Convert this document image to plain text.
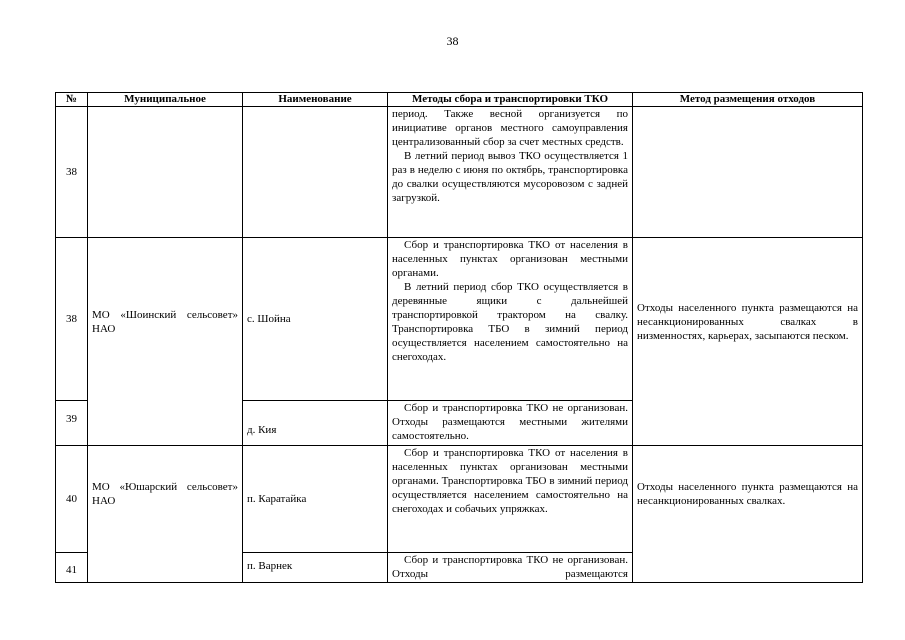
38
№	Муниципальное	Наименование	Методы сбора и транспортировки ТКО	Метод размещения отходов
38			период. Также весной организуется по инициативе органов местного самоуправления централизованный сбор за счет местных средств.

В летний период вывоз ТКО осуществляется 1 раз в неделю с июня по октябрь, транспортировка до свалки осуществляются мусоровозом с задней загрузкой.	

38	МО «Шоинский сельсовет» НАО	с. Шойна	Сбор и транспортировка ТКО от населения в населенных пунктах организован местными органами.

В летний период сбор ТКО осуществляется в деревянные ящики с дальнейшей транспортировкой трактором на свалку. Транспортировка ТБО в зимний период осуществляется населением самостоятельно на снегоходах.	Отходы населенного пункта размещаются на несанкционированных свалках в низменностях, карьерах, засыпаются песком.
39		д. Кия	Сбор и транспортировка ТКО не организован. Отходы размещаются местными жителями самостоятельно.	

40	МО «Юшарский сельсовет» НАО	п. Каратайка	Сбор и транспортировка ТКО от населения в населенных пунктах организован местными органами. Транспортировка ТБО в зимний период осуществляется населением самостоятельно на снегоходах и собачьих упряжках.	Отходы населенного пункта размещаются на несанкционированных свалках.
41		п. Варнек	Сбор и транспортировка ТКО не организован. Отходы размещаются	
